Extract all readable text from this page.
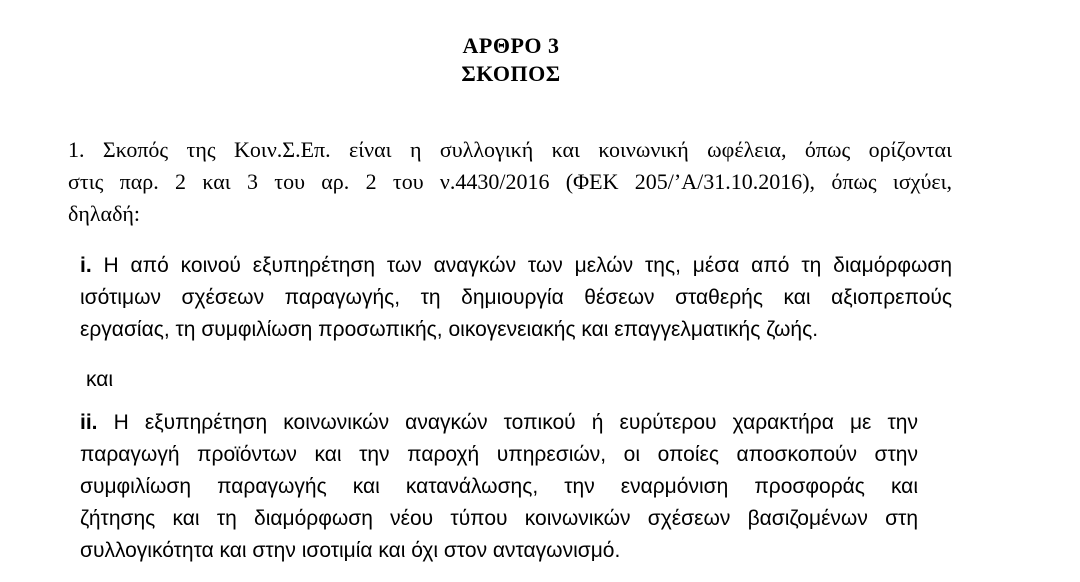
ΑΡΘΡΟ 3
ΣΚΟΠΟΣ
1. Σκοπός της Κοιν.Σ.Επ. είναι η συλλογική και κοινωνική ωφέλεια, όπως ορίζονται
στις παρ. 2 και 3 του αρ. 2 του ν.4430/2016 (ΦΕΚ 205/’Α/31.10.2016), όπως ισχύει,
δηλαδή:
i. Η από κοινού εξυπηρέτηση των αναγκών των μελών της, μέσα από τη διαμόρφωση
ισότιμων σχέσεων παραγωγής, τη δημιουργία θέσεων σταθερής και αξιοπρεπούς
εργασίας, τη συμφιλίωση προσωπικής, οικογενειακής και επαγγελματικής ζωής.
και
ii. Η εξυπηρέτηση κοινωνικών αναγκών τοπικού ή ευρύτερου χαρακτήρα με την
παραγωγή προϊόντων και την παροχή υπηρεσιών, οι οποίες αποσκοπούν στην
συμφιλίωση παραγωγής και κατανάλωσης, την εναρμόνιση προσφοράς και
ζήτησης και τη διαμόρφωση νέου τύπου κοινωνικών σχέσεων βασιζομένων στη
συλλογικότητα και στην ισοτιμία και όχι στον ανταγωνισμό.
